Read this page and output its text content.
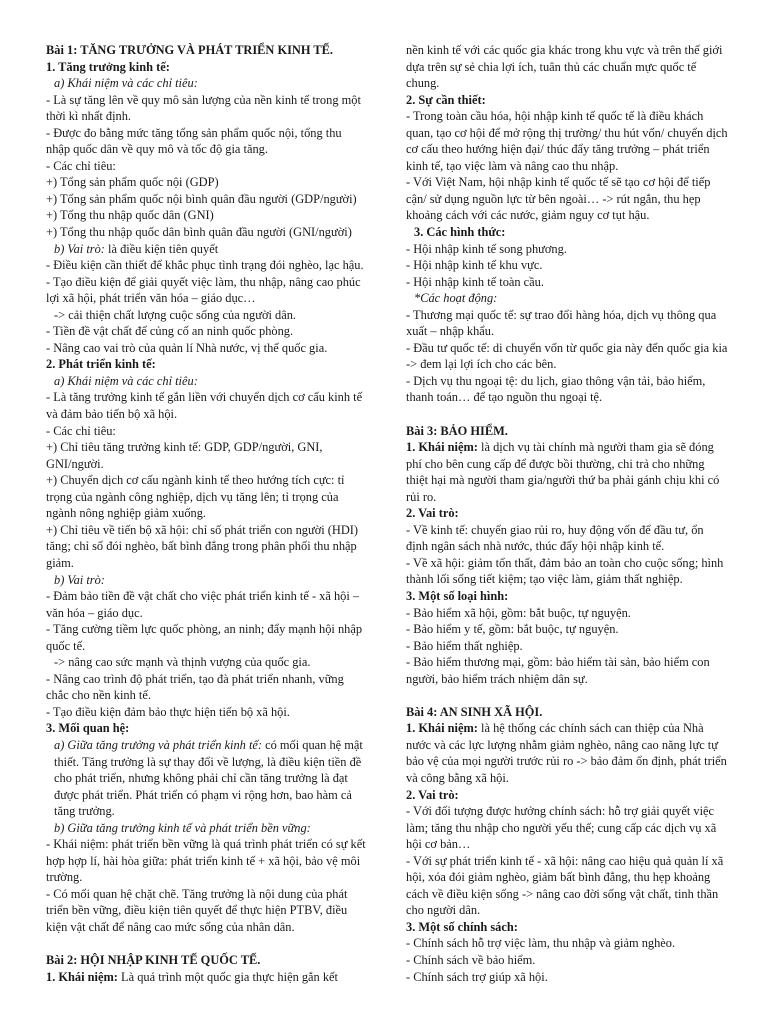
Bài 1: TĂNG TRƯỞNG VÀ PHÁT TRIỂN KINH TẾ.
1. Tăng trưởng kinh tế:
a) Khái niệm và các chỉ tiêu:
- Là sự tăng lên về quy mô sản lượng của nền kinh tế trong một thời kì nhất định.
- Được đo bằng mức tăng tổng sản phẩm quốc nội, tổng thu nhập quốc dân về quy mô và tốc độ gia tăng.
- Các chỉ tiêu:
+) Tổng sản phẩm quốc nội (GDP)
+) Tổng sản phẩm quốc nội bình quân đầu người (GDP/người)
+) Tổng thu nhập quốc dân (GNI)
+) Tổng thu nhập quốc dân bình quân đầu người (GNI/người)
b) Vai trò: là điều kiện tiên quyết
- Điều kiện cần thiết để khắc phục tình trạng đói nghèo, lạc hậu.
- Tạo điều kiện để giải quyết việc làm, thu nhập, nâng cao phúc lợi xã hội, phát triển văn hóa – giáo dục…
-> cải thiện chất lượng cuộc sống của người dân.
- Tiền đề vật chất để củng cố an ninh quốc phòng.
- Nâng cao vai trò của quản lí Nhà nước, vị thế quốc gia.
2. Phát triển kinh tế:
a) Khái niệm và các chỉ tiêu:
- Là tăng trưởng kinh tế gắn liền với chuyển dịch cơ cấu kinh tế và đảm bảo tiến bộ xã hội.
- Các chỉ tiêu:
+) Chỉ tiêu tăng trưởng kinh tế: GDP, GDP/người, GNI, GNI/người.
+) Chuyển dịch cơ cấu ngành kinh tế theo hướng tích cực: tỉ trọng của ngành công nghiệp, dịch vụ tăng lên; tỉ trọng của ngành nông nghiệp giảm xuống.
+) Chỉ tiêu về tiến bộ xã hội: chỉ số phát triển con người (HDI) tăng; chỉ số đói nghèo, bất bình đẳng trong phân phối thu nhập giảm.
b) Vai trò:
- Đảm bảo tiền đề vật chất cho việc phát triển kinh tế - xã hội – văn hóa – giáo dục.
- Tăng cường tiềm lực quốc phòng, an ninh; đẩy mạnh hội nhập quốc tế.
-> nâng cao sức mạnh và thịnh vượng của quốc gia.
- Nâng cao trình độ phát triển, tạo đà phát triển nhanh, vững chắc cho nền kinh tế.
- Tạo điều kiện đảm bảo thực hiện tiến bộ xã hội.
3. Mối quan hệ:
a) Giữa tăng trưởng và phát triển kinh tế: có mối quan hệ mật thiết. Tăng trưởng là sự thay đổi về lượng, là điều kiện tiền đề cho phát triển, nhưng không phải chỉ cần tăng trưởng là đạt được phát triển. Phát triển có phạm vi rộng hơn, bao hàm cả tăng trưởng.
b) Giữa tăng trưởng kinh tế và phát triển bền vững:
- Khái niệm: phát triển bền vững là quá trình phát triển có sự kết hợp hợp lí, hài hòa giữa: phát triển kinh tế + xã hội, bảo vệ môi trường.
- Có mối quan hệ chặt chẽ. Tăng trưởng là nội dung của phát triển bền vững, điều kiện tiên quyết để thực hiện PTBV, điều kiện vật chất để nâng cao mức sống của nhân dân.
Bài 2: HỘI NHẬP KINH TẾ QUỐC TẾ.
1. Khái niệm: Là quá trình một quốc gia thực hiện gắn kết
nền kinh tế với các quốc gia khác trong khu vực và trên thế giới dựa trên sự sẻ chia lợi ích, tuân thủ các chuẩn mực quốc tế chung.
2. Sự cần thiết:
- Trong toàn cầu hóa, hội nhập kinh tế quốc tế là điều khách quan, tạo cơ hội để mở rộng thị trường/ thu hút vốn/ chuyển dịch cơ cấu theo hướng hiện đại/ thúc đẩy tăng trưởng – phát triển kinh tế, tạo việc làm và nâng cao thu nhập.
- Với Việt Nam, hội nhập kinh tế quốc tế sẽ tạo cơ hội để tiếp cận/ sử dụng nguồn lực từ bên ngoài… -> rút ngắn, thu hẹp khoảng cách với các nước, giảm nguy cơ tụt hậu.
3. Các hình thức:
- Hội nhập kinh tế song phương.
- Hội nhập kinh tế khu vực.
- Hội nhập kinh tế toàn cầu.
*Các hoạt động:
- Thương mại quốc tế: sự trao đổi hàng hóa, dịch vụ thông qua xuất – nhập khẩu.
- Đầu tư quốc tế: di chuyển vốn từ quốc gia này đến quốc gia kia -> đem lại lợi ích cho các bên.
- Dịch vụ thu ngoại tệ: du lịch, giao thông vận tải, bảo hiểm, thanh toán… để tạo nguồn thu ngoại tệ.
Bài 3: BẢO HIỂM.
1. Khái niệm: là dịch vụ tài chính mà người tham gia sẽ đóng phí cho bên cung cấp để được bồi thường, chi trả cho những thiệt hại mà người tham gia/người thứ ba phải gánh chịu khi có rủi ro.
2. Vai trò:
- Về kinh tế: chuyển giao rủi ro, huy động vốn để đầu tư, ổn định ngân sách nhà nước, thúc đẩy hội nhập kinh tế.
- Về xã hội: giảm tổn thất, đảm bảo an toàn cho cuộc sống; hình thành lối sống tiết kiệm; tạo việc làm, giảm thất nghiệp.
3. Một số loại hình:
- Bảo hiểm xã hội, gồm: bắt buộc, tự nguyện.
- Bảo hiểm y tế, gồm: bắt buộc, tự nguyện.
- Bảo hiểm thất nghiệp.
- Bảo hiểm thương mại, gồm: bảo hiểm tài sản, bảo hiểm con người, bảo hiểm trách nhiệm dân sự.
Bài 4: AN SINH XÃ HỘI.
1. Khái niệm: là hệ thống các chính sách can thiệp của Nhà nước và các lực lượng nhằm giảm nghèo, nâng cao năng lực tự bảo vệ của mọi người trước rủi ro -> bảo đảm ổn định, phát triển và công bằng xã hội.
2. Vai trò:
- Với đối tượng được hưởng chính sách: hỗ trợ giải quyết việc làm; tăng thu nhập cho người yếu thế; cung cấp các dịch vụ xã hội cơ bản…
- Với sự phát triển kinh tế - xã hội: nâng cao hiệu quả quản lí xã hội, xóa đói giảm nghèo, giảm bất bình đẳng, thu hẹp khoảng cách về điều kiện sống -> nâng cao đời sống vật chất, tinh thần cho người dân.
3. Một số chính sách:
- Chính sách hỗ trợ việc làm, thu nhập và giảm nghèo.
- Chính sách về bảo hiểm.
- Chính sách trợ giúp xã hội.
